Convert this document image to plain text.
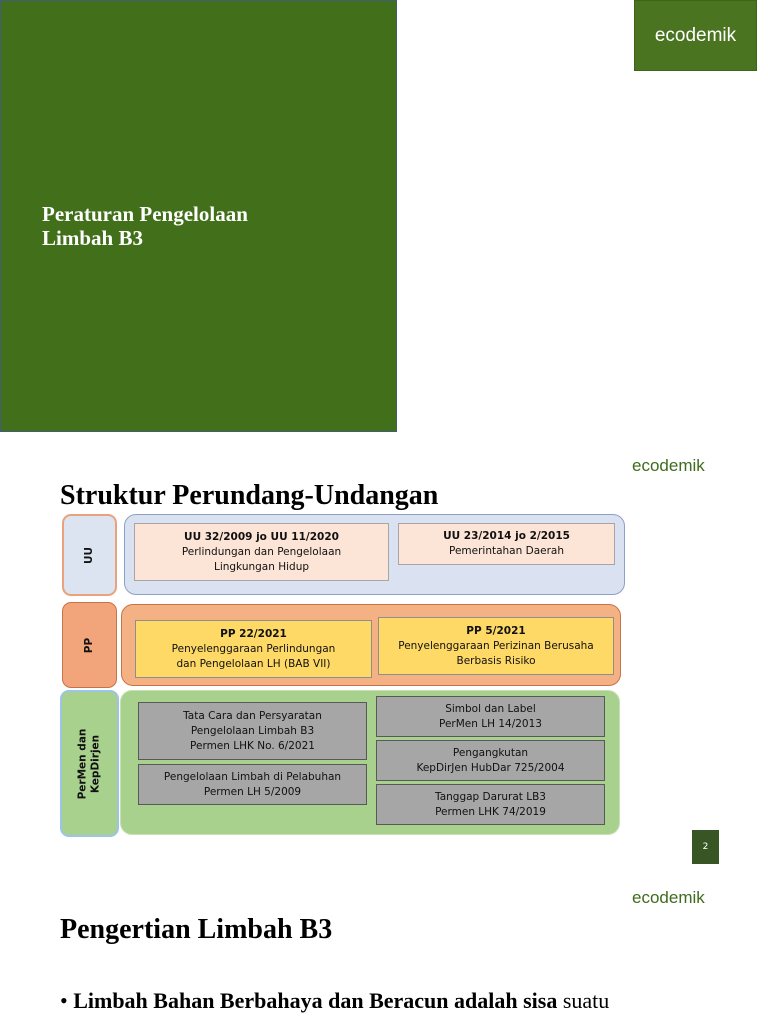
Peraturan Pengelolaan
Limbah B3
ecodemik
ecodemik
Struktur Perundang-Undangan
UU
UU 32/2009 jo UU 11/2020
Perlindungan dan Pengelolaan
Lingkungan Hidup
UU 23/2014 jo 2/2015
Pemerintahan Daerah
PP
PP 22/2021
Penyelenggaraan Perlindungan
dan Pengelolaan LH (BAB VII)
PP 5/2021
Penyelenggaraan Perizinan Berusaha
Berbasis Risiko
PerMen dan
KepDirjen
Tata Cara dan Persyaratan
Pengelolaan Limbah B3
Permen LHK No. 6/2021
Pengelolaan Limbah di Pelabuhan
Permen LH 5/2009
Simbol dan Label
PerMen LH 14/2013
Pengangkutan
KepDirJen HubDar 725/2004
Tanggap Darurat LB3
Permen LHK 74/2019
2
ecodemik
Pengertian Limbah B3
• Limbah Bahan Berbahaya dan Beracun adalah sisa suatu
